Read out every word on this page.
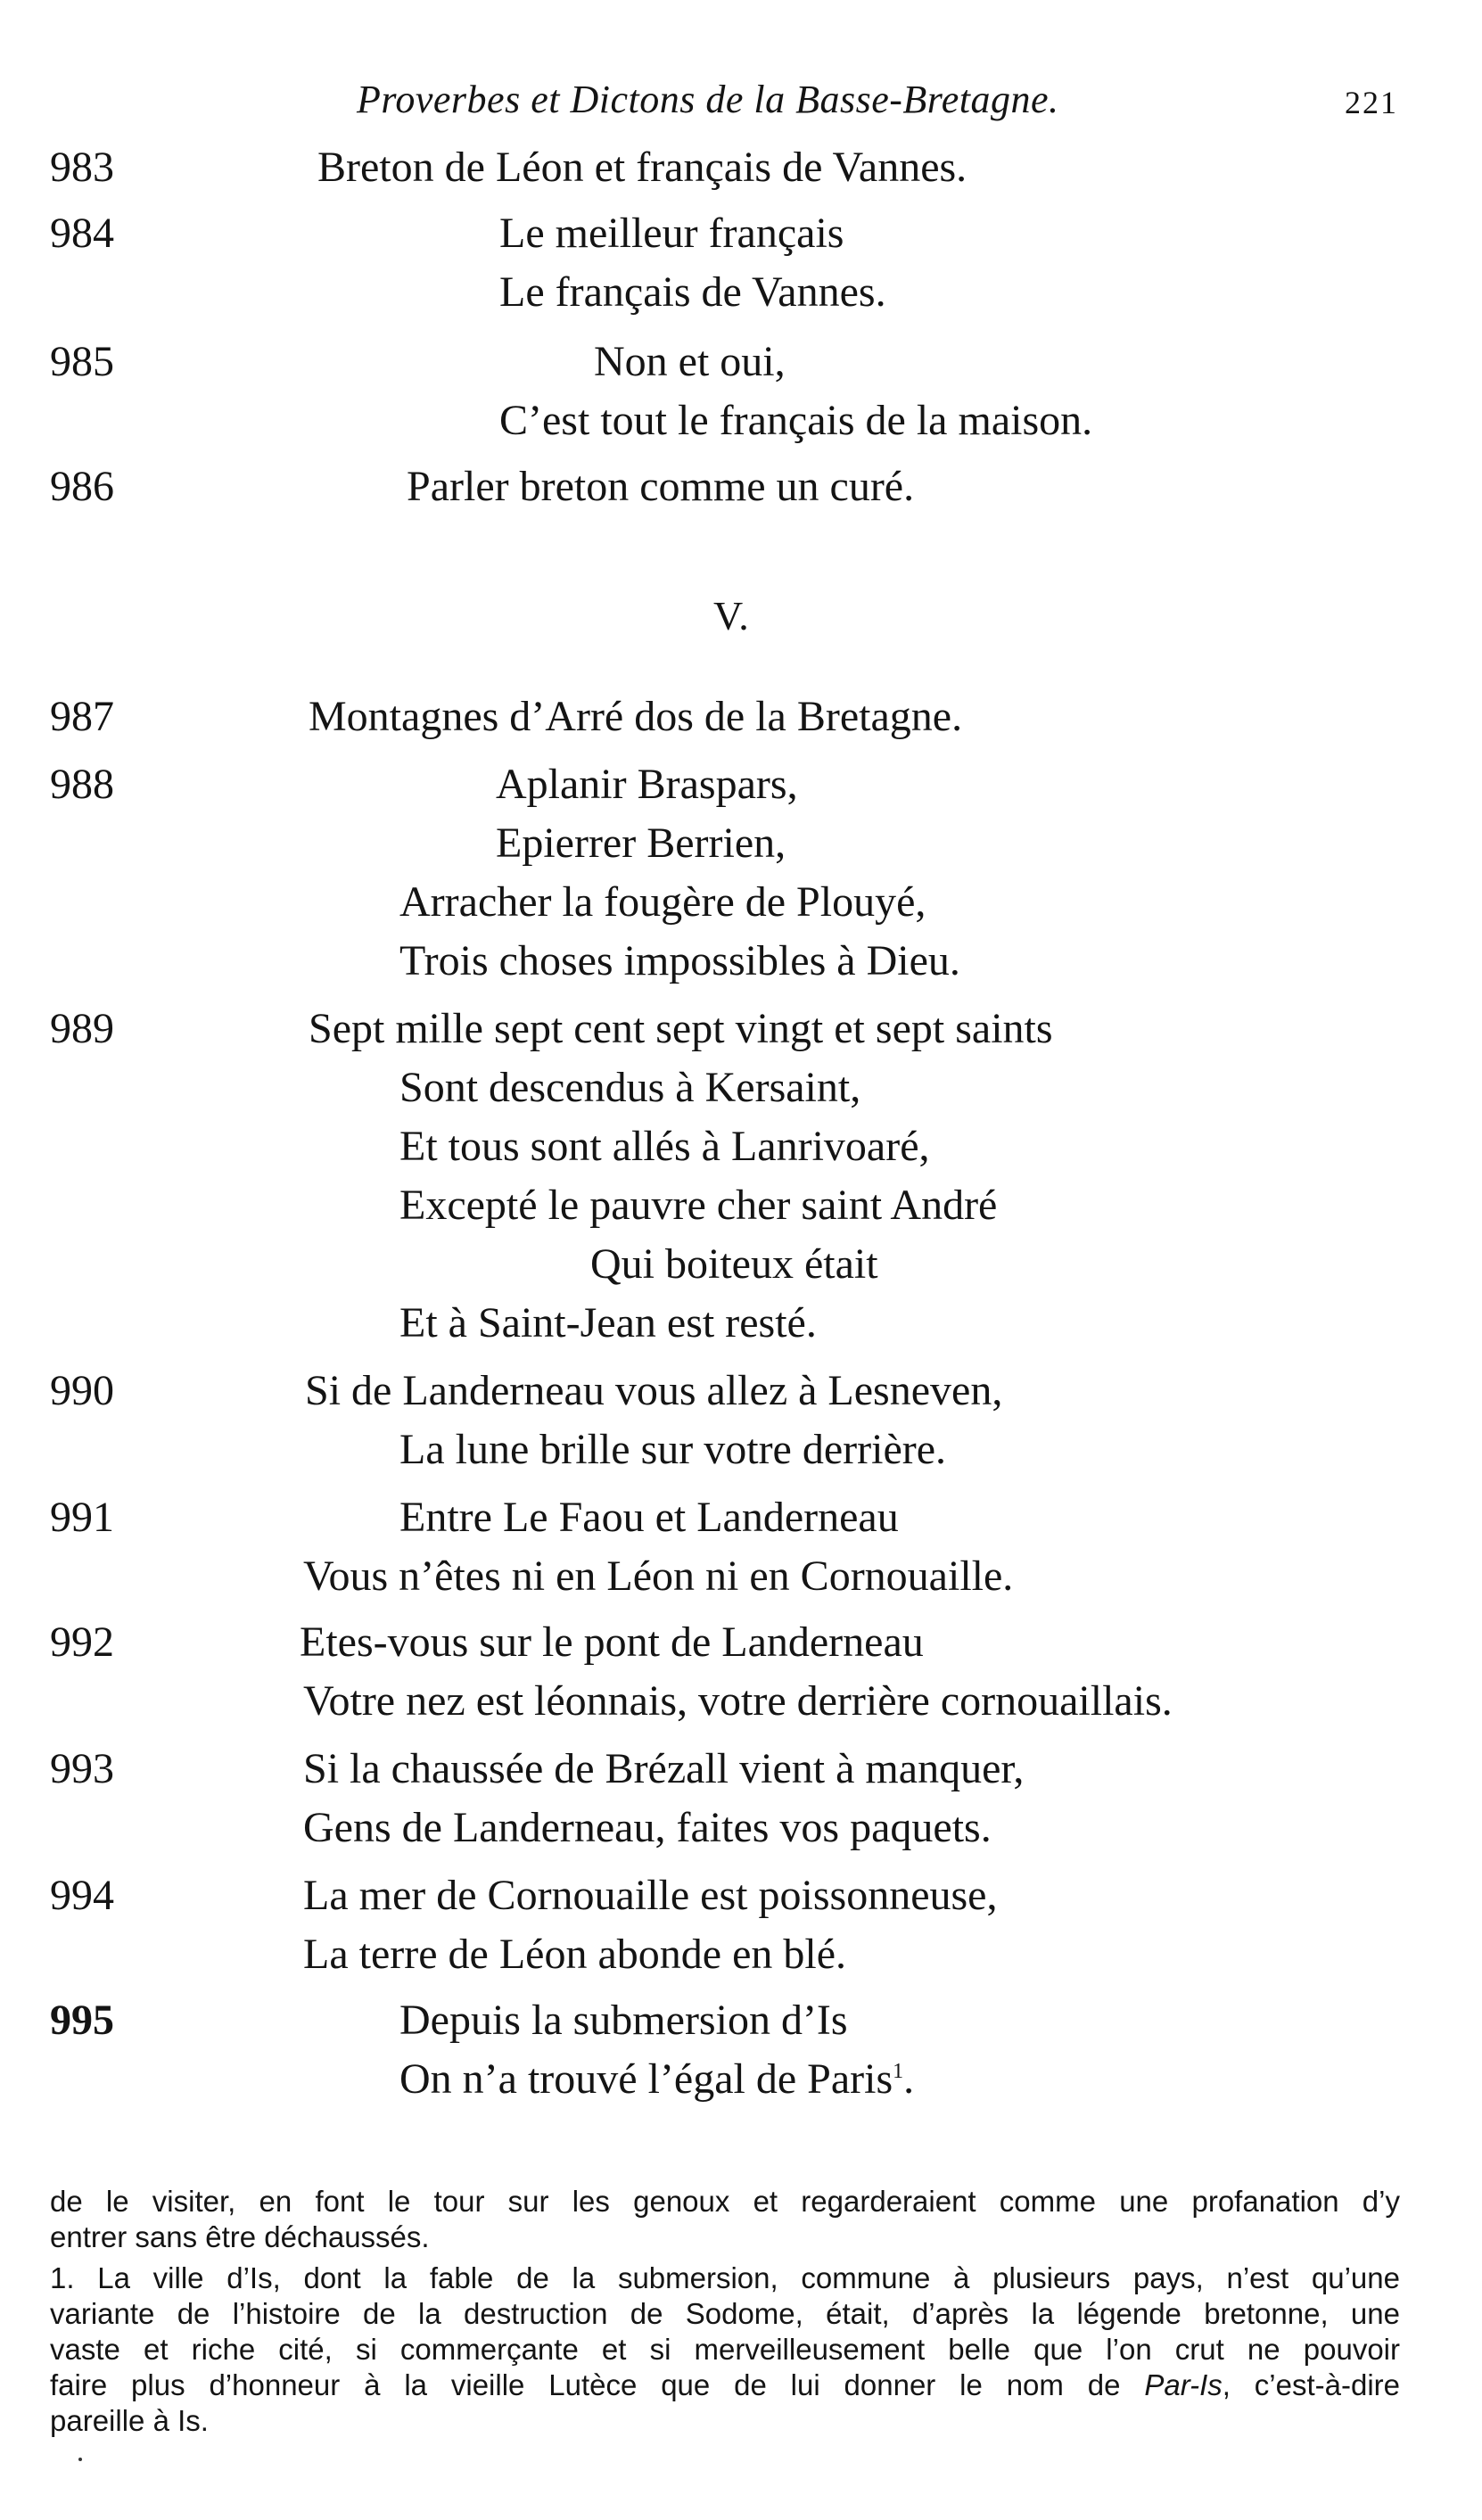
Proverbes et Dictons de la Basse-Bretagne.	221
983	Breton de Léon et français de Vannes.
984	Le meilleur français
Le français de Vannes.
985	Non et oui,
C’est tout le français de la maison.
986	Parler breton comme un curé.
V.
987	Montagnes d’Arré dos de la Bretagne.
988	Aplanir Braspars,
Epierrer Berrien,
Arracher la fougère de Plouyé,
Trois choses impossibles à Dieu.
989	Sept mille sept cent sept vingt et sept saints
Sont descendus à Kersaint,
Et tous sont allés à Lanrivoaré,
Excepté le pauvre cher saint André
Qui boiteux était
Et à Saint-Jean est resté.
990	Si de Landerneau vous allez à Lesneven,
La lune brille sur votre derrière.
991	Entre Le Faou et Landerneau
Vous n’êtes ni en Léon ni en Cornouaille.
992	Etes-vous sur le pont de Landerneau
Votre nez est léonnais, votre derrière cornouaillais.
993	Si la chaussée de Brézall vient à manquer,
Gens de Landerneau, faites vos paquets.
994	La mer de Cornouaille est poissonneuse,
La terre de Léon abonde en blé.
995	Depuis la submersion d’Is
On n’a trouvé l’égal de Paris$^1$.
de le visiter, en font le tour sur les genoux et regarderaient comme une profanation d’y
entrer sans être déchaussés.
1. La ville d’Is, dont la fable de la submersion, commune à plusieurs pays, n’est qu’une
variante de l’histoire de la destruction de Sodome, était, d’après la légende bretonne, une
vaste et riche cité, si commerçante et si merveilleusement belle que l’on crut ne pouvoir
faire plus d’honneur à la vieille Lutèce que de lui donner le nom de Par-Is, c’est-à-dire
pareille à Is.
